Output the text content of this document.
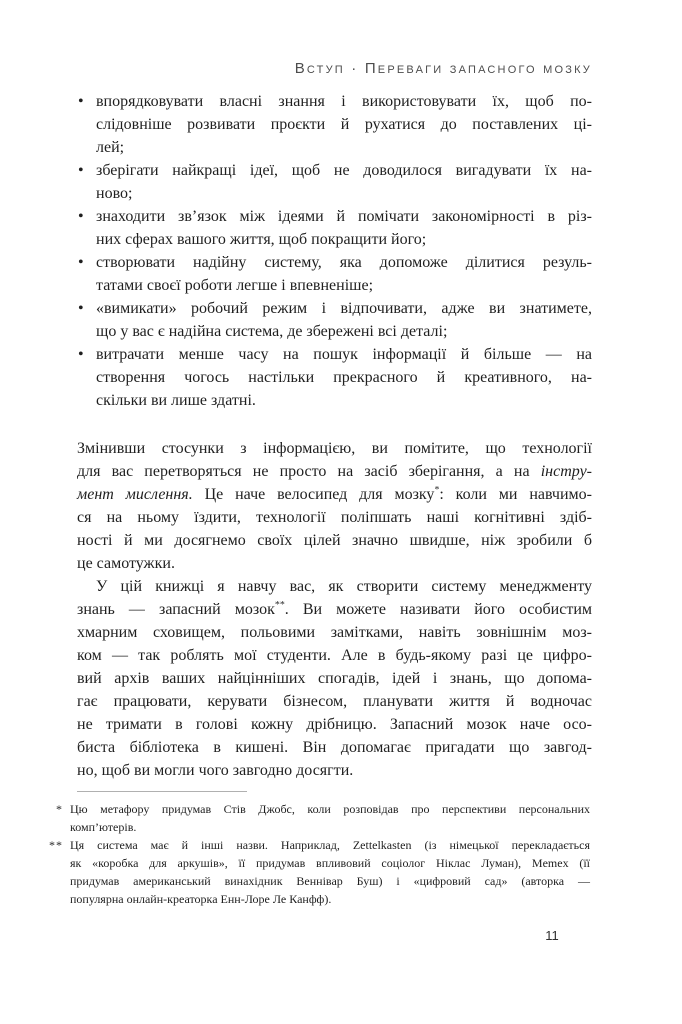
Вступ · Переваги запасного мозку
• впорядковувати власні знання і використовувати їх, щоб по-
слідовніше розвивати проєкти й рухатися до поставлених ці-
лей;
• зберігати найкращі ідеї, щоб не доводилося вигадувати їх на-
ново;
• знаходити зв’язок між ідеями й помічати закономірності в різ-
них сферах вашого життя, щоб покращити його;
• створювати надійну систему, яка допоможе ділитися резуль-
татами своєї роботи легше і впевненіше;
• «вимикати» робочий режим і відпочивати, адже ви знатимете,
що у вас є надійна система, де збережені всі деталі;
• витрачати менше часу на пошук інформації й більше — на
створення чогось настільки прекрасного й креативного, на-
скільки ви лише здатні.
Змінивши стосунки з інформацією, ви помітите, що технології
для вас перетворяться не просто на засіб зберігання, а на інстру-
мент мислення. Це наче велосипед для мозку*: коли ми навчимо-
ся на ньому їздити, технології поліпшать наші когнітивні здіб-
ності й ми досягнемо своїх цілей значно швидше, ніж зробили б
це самотужки.
У цій книжці я навчу вас, як створити систему менеджменту
знань — запасний мозок**. Ви можете називати його особистим
хмарним сховищем, польовими замітками, навіть зовнішнім моз-
ком — так роблять мої студенти. Але в будь-якому разі це цифро-
вий архів ваших найцінніших спогадів, ідей і знань, що допома-
гає працювати, керувати бізнесом, планувати життя й водночас
не тримати в голові кожну дрібницю. Запасний мозок наче осо-
биста бібліотека в кишені. Він допомагає пригадати що завгод-
но, щоб ви могли чого завгодно досягти.
* Цю метафору придумав Стів Джобс, коли розповідав про перспективи персональних
комп’ютерів.
** Ця система має й інші назви. Наприклад, Zettelkasten (із німецької перекладається
як «коробка для аркушів», її придумав впливовий соціолог Ніклас Луман), Memex (її
придумав американський винахідник Веннівар Буш) і «цифровий сад» (авторка —
популярна онлайн-креаторка Енн-Лоре Ле Канфф).
11
